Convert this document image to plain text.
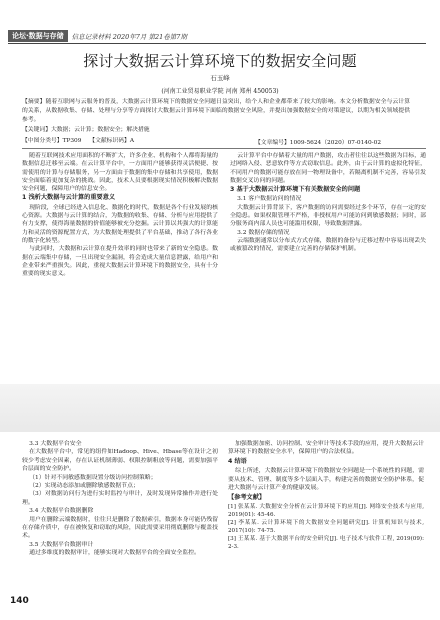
论坛·数据与存储	信息记录材料 2020年7月 第21卷第7期
探讨大数据云计算环境下的数据安全问题
石玉峰
(河南工业贸易职业学院 河南 郑州 450053)
【摘要】随着互联网与云服务的普及，大数据云计算环境下的数据安全问题日益突出，给个人和企业都带来了较大的影响。本文分析数据安全与云计算的关系，从数据收集、存储、处理与分享等方面探讨大数据云计算环境下面临的数据安全风险，并提出加强数据安全的对策建议，以期为相关领域提供参考。
【关键词】大数据；云计算；数据安全；解决措施
【中图分类号】TP309 【文献标识码】A	【文章编号】1009-5624（2020）07-0140-02

随着互联网技术应用面积的不断扩大，许多企业、机构和个人都将海量的数据信息迁移至云端。在云计算平台中，一方面用户能够获得灵活便捷、按需使用的计算与存储服务，另一方面由于数据的集中存储和共享使用，数据安全面临着更加复杂的挑战。因此，技术人员要根据现实情况积极解决数据安全问题，保障用户的信息安全。

1 浅析大数据与云计算的重要意义

现阶段，全球已经进入信息化、数据化的时代，数据是各个行业发展的核心资源。大数据与云计算的结合，为数据的收集、存储、分析与应用提供了有力支撑，使得海量数据的价值能够被充分挖掘。云计算以其强大的计算能力和灵活的资源配置方式，为大数据处理提供了平台基础，推动了各行各业的数字化转型。

与此同时，大数据和云计算在提升效率的同时也带来了新的安全隐患。数据在云端集中存储，一旦出现安全漏洞，将会造成大量信息泄露，给用户和企业带来严重损失。因此，重视大数据云计算环境下的数据安全，具有十分重要的现实意义。

云计算平台中存储着大量的用户数据，攻击者往往以这些数据为目标，通过网络入侵、恶意软件等方式窃取信息。此外，由于云计算的虚拟化特征，不同用户的数据可能存放在同一物理设备中，若隔离机制不完善，容易引发数据交叉访问的问题。

3 基于大数据云计算环境下有关数据安全的问题

3.1 客户数据访问的情况

大数据云计算背景下，客户数据的访问需要经过多个环节，存在一定的安全隐患。如果权限管理不严格，非授权用户可能访问到敏感数据；同时，部分服务商内部人员也可能滥用权限，导致数据泄露。

3.2 数据存储的情况

云端数据通常以分布式方式存储，数据的备份与迁移过程中容易出现丢失或被篡改的情况，需要建立完善的存储保护机制。

3.3 大数据平台安全

在大数据平台中，常见的组件如Hadoop、Hive、Hbase等在设计之初较少考虑安全因素，存在认证机制薄弱、权限控制粗放等问题，需要加强平台层面的安全防护。

（1）针对不同敏感数据设置分级访问控制策略；

（2）实现动态添加或删除敏感数据节点；

（3）对数据访问行为进行实时监控与审计，及时发现异常操作并进行处理。

3.4 大数据平台数据删除

用户在删除云端数据时，往往只是删除了数据索引，数据本身可能仍残留在存储介质中，存在被恢复和窃取的风险，因此需要采用彻底删除与覆盖技术。

3.5 大数据平台数据审计

通过多维度的数据审计，能够实现对大数据平台的全面安全监控。

加强数据加密、访问控制、安全审计等技术手段的应用，提升大数据云计算环境下的数据安全水平，保障用户的合法权益。

4 结语

综上所述，大数据云计算环境下的数据安全问题是一个系统性的问题，需要从技术、管理、制度等多个层面入手，构建完善的数据安全防护体系，促进大数据与云计算产业的健康发展。

【参考文献】

[1] 张某某. 大数据安全分析在云计算环境下的应用[J]. 网络安全技术与应用, 2019(01): 45-46.

[2] 李某某. 云计算环境下的大数据安全问题研究[J]. 计算机知识与技术, 2017(10): 74-75.

[3] 王某某. 基于大数据平台的安全研究[J]. 电子技术与软件工程, 2019(09): 2-3.

140
